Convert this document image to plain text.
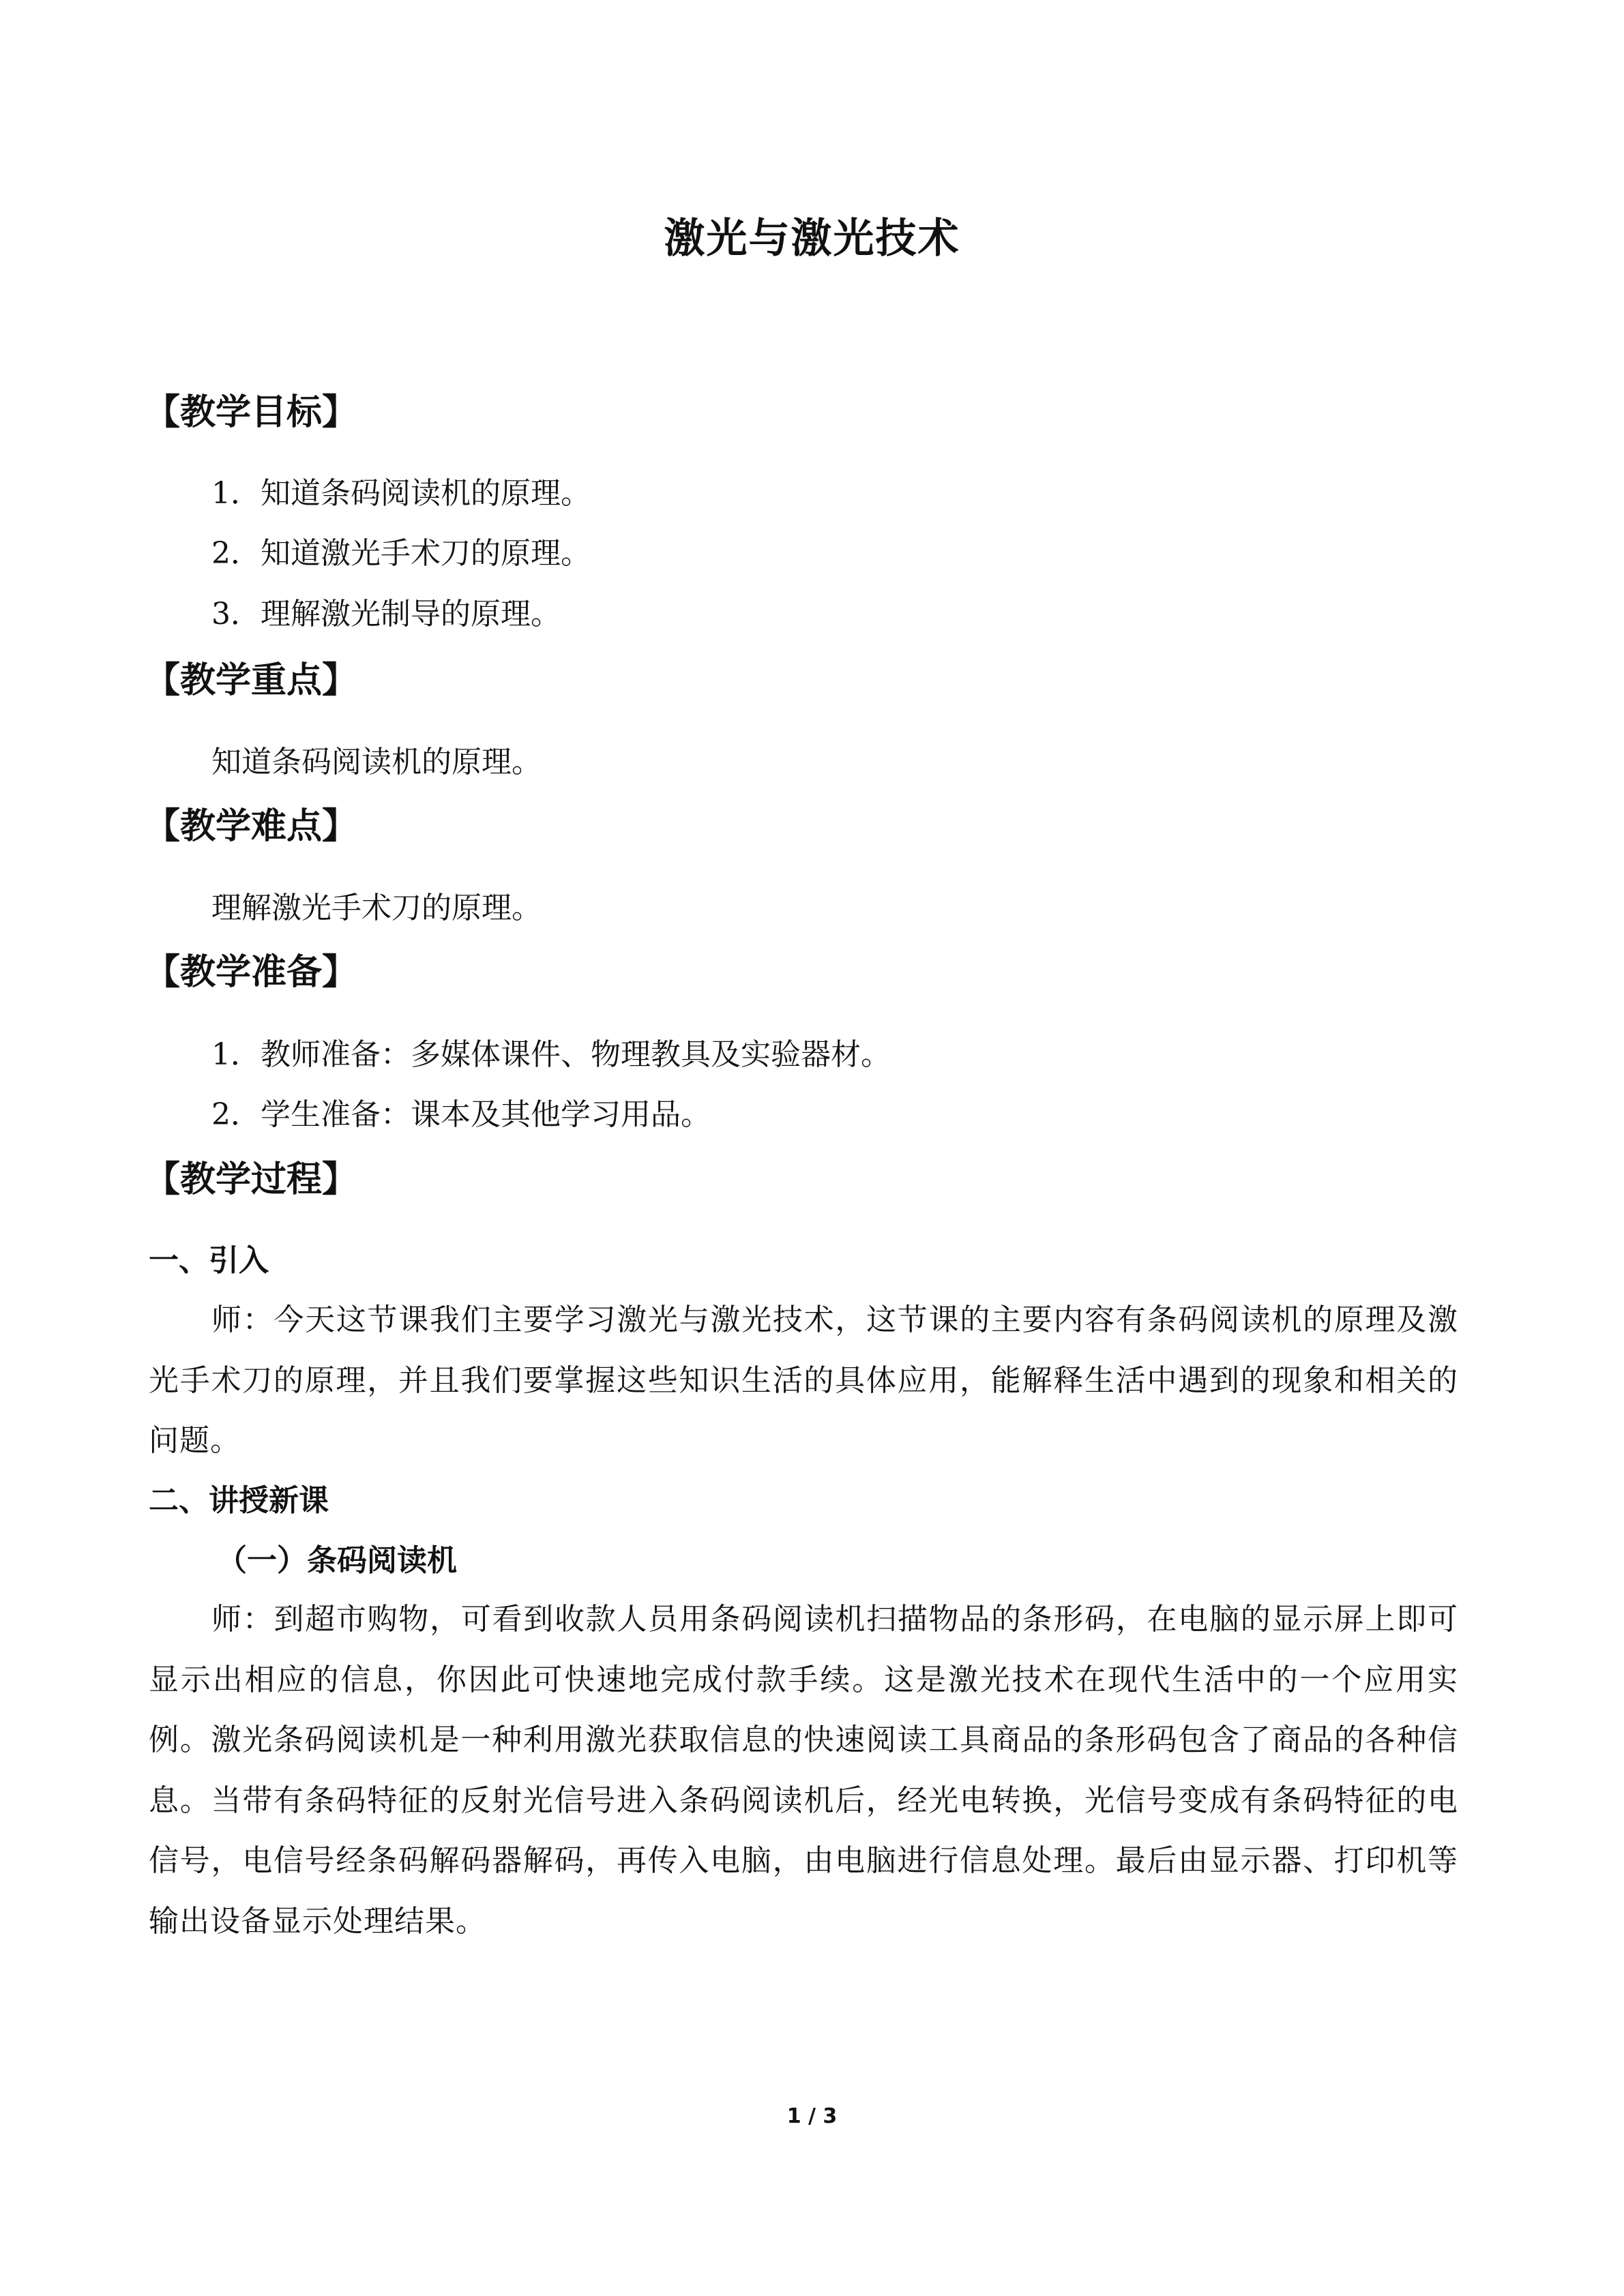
激光与激光技术
【教学目标】
1．知道条码阅读机的原理。
2．知道激光手术刀的原理。
3．理解激光制导的原理。
【教学重点】
知道条码阅读机的原理。
【教学难点】
理解激光手术刀的原理。
【教学准备】
1．教师准备：多媒体课件、物理教具及实验器材。
2．学生准备：课本及其他学习用品。
【教学过程】
一、引入
师：今天这节课我们主要学习激光与激光技术，这节课的主要内容有条码阅读机的原理及激光手术刀的原理，并且我们要掌握这些知识生活的具体应用，能解释生活中遇到的现象和相关的问题。
二、讲授新课
（一）条码阅读机
师：到超市购物，可看到收款人员用条码阅读机扫描物品的条形码，在电脑的显示屏上即可显示出相应的信息，你因此可快速地完成付款手续。这是激光技术在现代生活中的一个应用实例。激光条码阅读机是一种利用激光获取信息的快速阅读工具商品的条形码包含了商品的各种信息。当带有条码特征的反射光信号进入条码阅读机后，经光电转换，光信号变成有条码特征的电信号，电信号经条码解码器解码，再传入电脑，由电脑进行信息处理。最后由显示器、打印机等输出设备显示处理结果。
1 / 3
